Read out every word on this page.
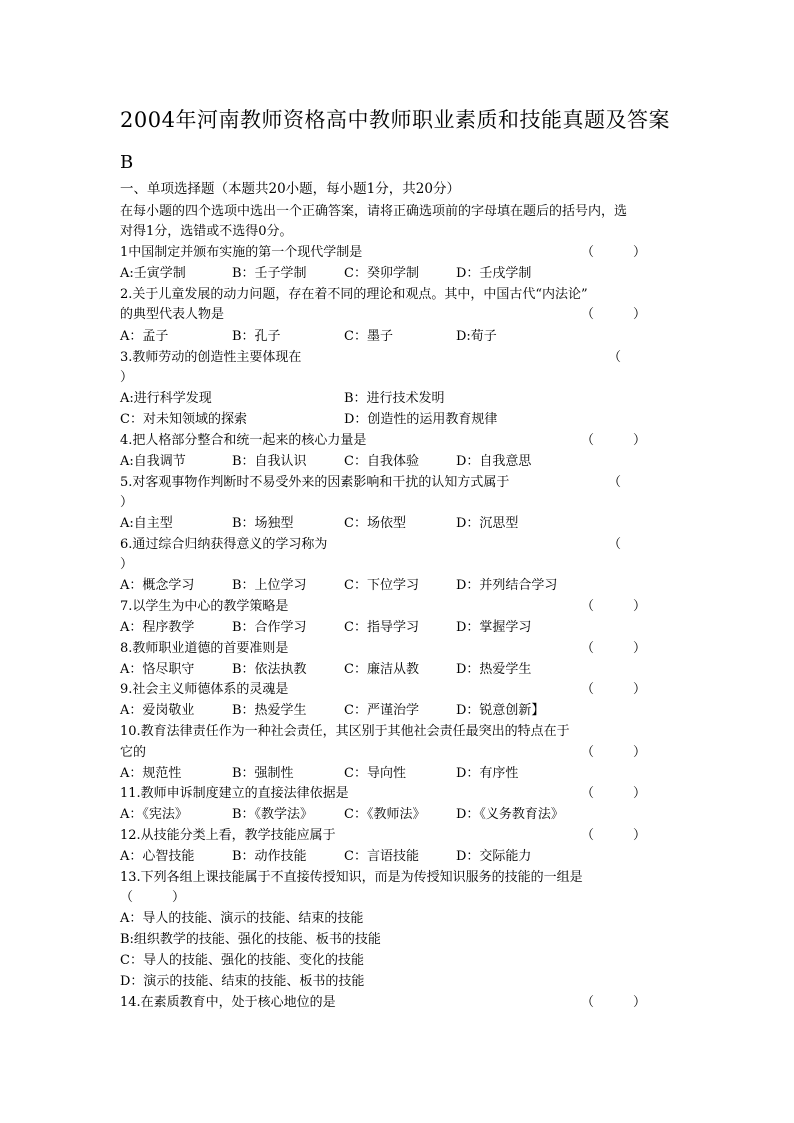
2004年河南教师资格高中教师职业素质和技能真题及答案
B
一、单项选择题（本题共20小题，每小题1分，共20分）
在每小题的四个选项中选出一个正确答案，请将正确选项前的字母填在题后的括号内，选
对得1分，选错或不选得0分。
1中国制定并颁布实施的第一个现代学制是	（　　　）
A:壬寅学制	B：壬子学制	C：癸卯学制	D：壬戌学制
2.关于儿童发展的动力问题，存在着不同的理论和观点。其中，中国古代“内法论”
的典型代表人物是	（　　　）
A：孟子	B：孔子	C：墨子	D:荀子
3.教师劳动的创造性主要体现在	（
）
A:进行科学发现	B：进行技术发明
C：对未知领域的探索	D：创造性的运用教育规律
4.把人格部分整合和统一起来的核心力量是	（　　　）
A:自我调节	B：自我认识	C：自我体验	D：自我意思
5.对客观事物作判断时不易受外来的因素影响和干扰的认知方式属于	（
）
A:自主型	B：场独型	C：场依型	D：沉思型
6.通过综合归纳获得意义的学习称为	（
）
A：概念学习	B：上位学习	C：下位学习	D：并列结合学习
7.以学生为中心的教学策略是	（　　　）
A：程序教学	B：合作学习	C：指导学习	D：掌握学习
8.教师职业道德的首要准则是	（　　　）
A：恪尽职守	B：依法执教	C：廉洁从教	D：热爱学生
9.社会主义师德体系的灵魂是	（　　　）
A：爱岗敬业	B：热爱学生	C：严谨治学	D：锐意创新】
10.教育法律责任作为一种社会责任，其区别于其他社会责任最突出的特点在于
它的	（　　　）
A：规范性	B：强制性	C：导向性	D：有序性
11.教师申诉制度建立的直接法律依据是	（　　　）
A：《宪法》	B：《教学法》 C：《教师法》 D：《义务教育法》
12.从技能分类上看，教学技能应属于	（　　　）
A：心智技能	B：动作技能	C：言语技能	D：交际能力
13.下列各组上课技能属于不直接传授知识，而是为传授知识服务的技能的一组是
（　　　）
A：导人的技能、演示的技能、结束的技能
B:组织教学的技能、强化的技能、板书的技能
C：导人的技能、强化的技能、变化的技能
D：演示的技能、结束的技能、板书的技能
14.在素质教育中，处于核心地位的是	（　　　）
